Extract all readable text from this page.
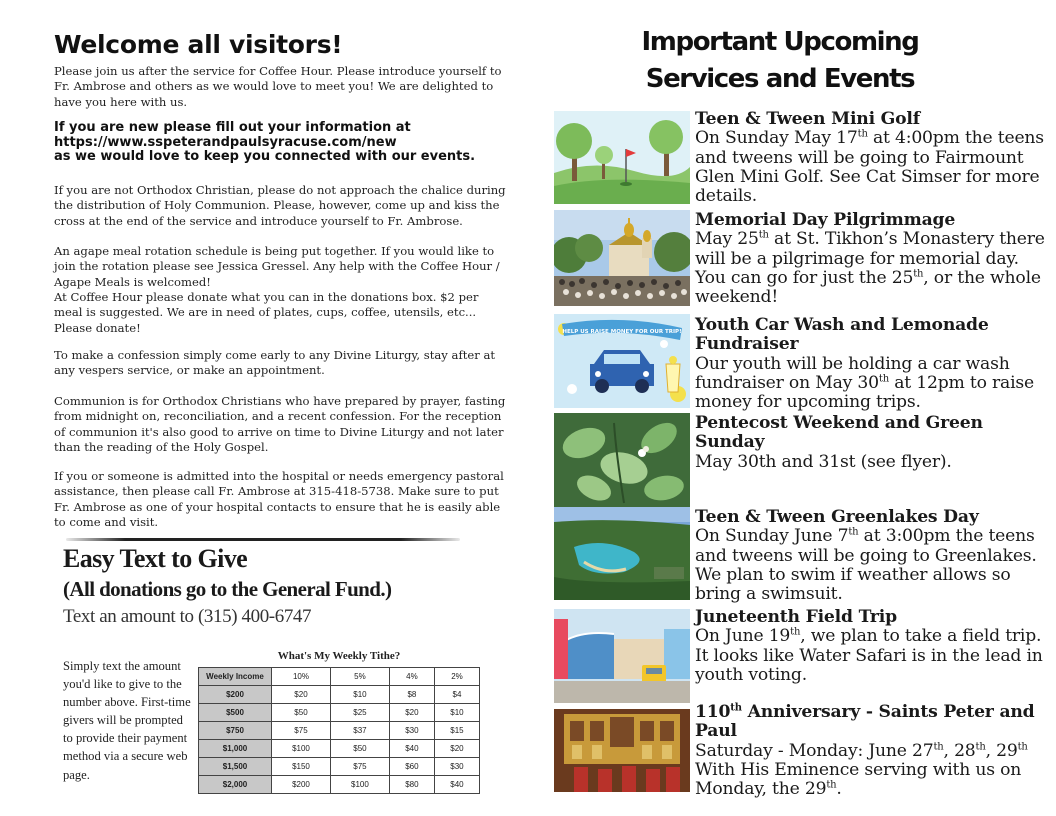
Welcome all visitors!
Please join us after the service for Coffee Hour. Please introduce yourself to Fr. Ambrose and others as we would love to meet you! We are delighted to have you here with us.
If you are new please fill out your information at
https://www.sspeterandpaulsyracuse.com/new
as we would love to keep you connected with our events.
If you are not Orthodox Christian, please do not approach the chalice during the distribution of Holy Communion. Please, however, come up and kiss the cross at the end of the service and introduce yourself to Fr. Ambrose.
An agape meal rotation schedule is being put together. If you would like to join the rotation please see Jessica Gressel. Any help with the Coffee Hour / Agape Meals is welcomed!
At Coffee Hour please donate what you can in the donations box. $2 per meal is suggested. We are in need of plates, cups, coffee, utensils, etc... Please donate!
To make a confession simply come early to any Divine Liturgy, stay after at any vespers service, or make an appointment.
Communion is for Orthodox Christians who have prepared by prayer, fasting from midnight on, reconciliation, and a recent confession. For the reception of communion it's also good to arrive on time to Divine Liturgy and not later than the reading of the Holy Gospel.
If you or someone is admitted into the hospital or needs emergency pastoral assistance, then please call Fr. Ambrose at 315-418-5738. Make sure to put Fr. Ambrose as one of your hospital contacts to ensure that he is easily able to come and visit.
Easy Text to Give
(All donations go to the General Fund.)
Text an amount to (315) 400-6747
Simply text the amount you'd like to give to the number above. First-time givers will be prompted to provide their payment method via a secure web page.
What's My Weekly Tithe?
Weekly Income	10%	5%	4%	2%
$200	$20	$10	$8	$4
$500	$50	$25	$20	$10
$750	$75	$37	$30	$15
$1,000	$100	$50	$40	$20
$1,500	$150	$75	$60	$30
$2,000	$200	$100	$80	$40
Important Upcoming
Services and Events
Teen & Tween Mini Golf
On Sunday May 17th at 4:00pm the teens and tweens will be going to Fairmount Glen Mini Golf. See Cat Simser for more details.
Memorial Day Pilgrimmage
May 25th at St. Tikhon’s Monastery there will be a pilgrimage for memorial day. You can go for just the 25th, or the whole weekend!
HELP US RAISE MONEY FOR OUR TRIP! Youth Car Wash and Lemonade Fundraiser
Our youth will be holding a car wash fundraiser on May 30th at 12pm to raise money for upcoming trips.
Pentecost Weekend and Green Sunday
May 30th and 31st (see flyer).
Teen & Tween Greenlakes Day
On Sunday June 7th at 3:00pm the teens and tweens will be going to Greenlakes. We plan to swim if weather allows so bring a swimsuit.
Juneteenth Field Trip
On June 19th, we plan to take a field trip. It looks like Water Safari is in the lead in youth voting.
110th Anniversary - Saints Peter and Paul
Saturday - Monday: June 27th, 28th, 29th With His Eminence serving with us on Monday, the 29th.
